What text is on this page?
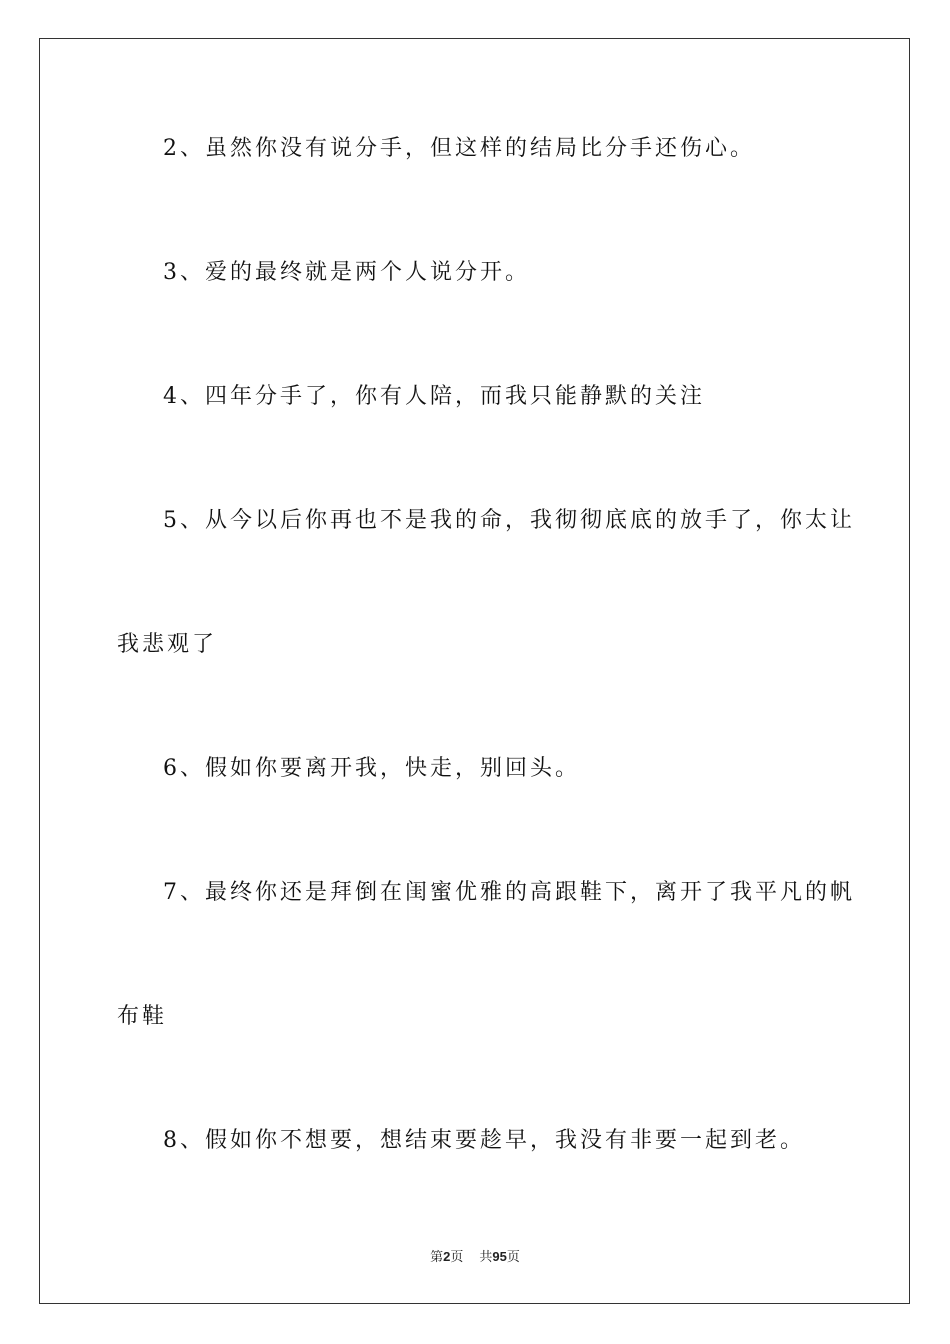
2、虽然你没有说分手，但这样的结局比分手还伤心。
3、爱的最终就是两个人说分开。
4、四年分手了，你有人陪，而我只能静默的关注
5、从今以后你再也不是我的命，我彻彻底底的放手了，你太让
我悲观了
6、假如你要离开我，快走，别回头。
7、最终你还是拜倒在闺蜜优雅的高跟鞋下，离开了我平凡的帆
布鞋
8、假如你不想要，想结束要趁早，我没有非要一起到老。
第2页 共95页
